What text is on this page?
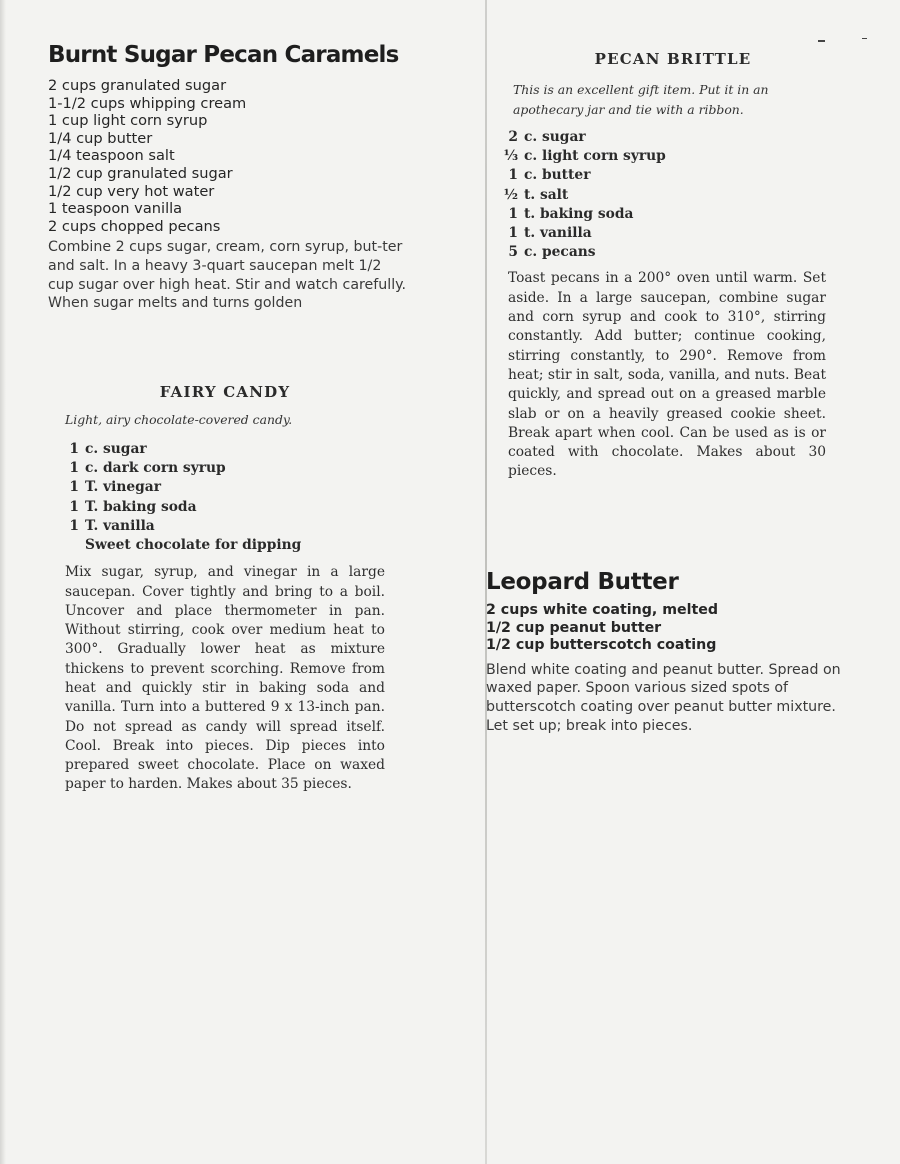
Burnt Sugar Pecan Caramels
2 cups granulated sugar
1-1/2 cups whipping cream
1 cup light corn syrup
1/4 cup butter
1/4 teaspoon salt
1/2 cup granulated sugar
1/2 cup very hot water
1 teaspoon vanilla
2 cups chopped pecans

Combine 2 cups sugar, cream, corn syrup, but-ter and salt. In a heavy 3-quart saucepan melt 1/2 cup sugar over high heat. Stir and watch carefully. When sugar melts and turns golden

FAIRY CANDY

Light, airy chocolate-covered candy.

1 c. sugar
1 c. dark corn syrup
1 T. vinegar
1 T. baking soda
1 T. vanilla
Sweet chocolate for dipping

Mix sugar, syrup, and vinegar in a large saucepan. Cover tightly and bring to a boil. Uncover and place thermometer in pan. Without stirring, cook over medium heat to 300°. Gradually lower heat as mixture thickens to prevent scorching. Remove from heat and quickly stir in baking soda and vanilla. Turn into a buttered 9 x 13-inch pan. Do not spread as candy will spread itself. Cool. Break into pieces. Dip pieces into prepared sweet chocolate. Place on waxed paper to harden. Makes about 35 pieces.

PECAN BRITTLE

This is an excellent gift item. Put it in an apothecary jar and tie with a ribbon.

2 c. sugar
⅓ c. light corn syrup
1 c. butter
½ t. salt
1 t. baking soda
1 t. vanilla
5 c. pecans

Toast pecans in a 200° oven until warm. Set aside. In a large saucepan, combine sugar and corn syrup and cook to 310°, stirring constantly. Add butter; continue cooking, stirring constantly, to 290°. Remove from heat; stir in salt, soda, vanilla, and nuts. Beat quickly, and spread out on a greased marble slab or on a heavily greased cookie sheet. Break apart when cool. Can be used as is or coated with chocolate. Makes about 30 pieces.

Leopard Butter
2 cups white coating, melted
1/2 cup peanut butter
1/2 cup butterscotch coating

Blend white coating and peanut butter. Spread on waxed paper. Spoon various sized spots of butterscotch coating over peanut butter mixture. Let set up; break into pieces.
